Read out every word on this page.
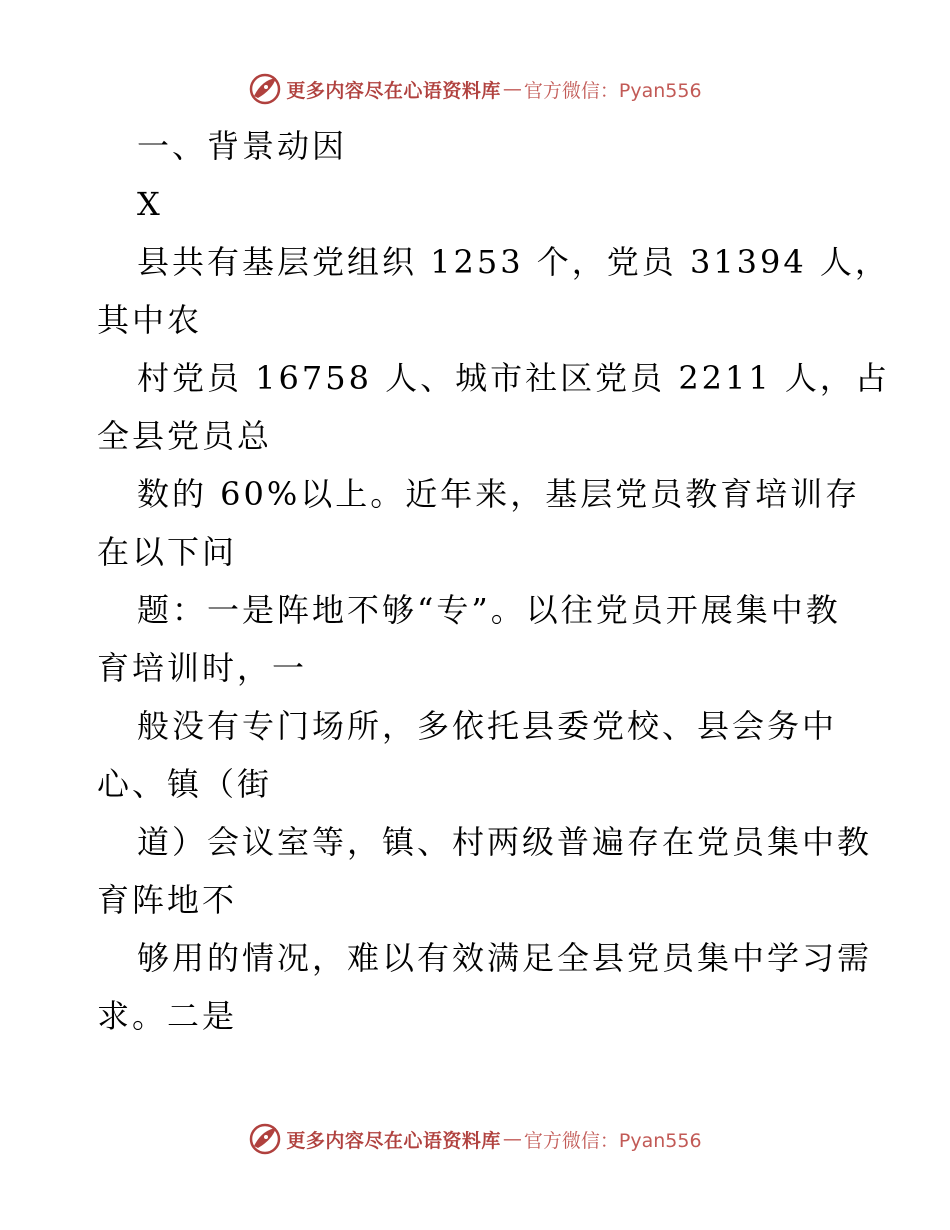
更多内容尽在心语资料库 — 官方微信：Pyan556
一、背景动因
X
县共有基层党组织 1253 个，党员 31394 人，
其中农
村党员 16758 人、城市社区党员 2211 人，占
全县党员总
数的 60%以上。近年来，基层党员教育培训存
在以下问
题：一是阵地不够“专”。以往党员开展集中教
育培训时，一
般没有专门场所，多依托县委党校、县会务中
心、镇（街
道）会议室等，镇、村两级普遍存在党员集中教
育阵地不
够用的情况，难以有效满足全县党员集中学习需
求。二是
更多内容尽在心语资料库 — 官方微信：Pyan556
